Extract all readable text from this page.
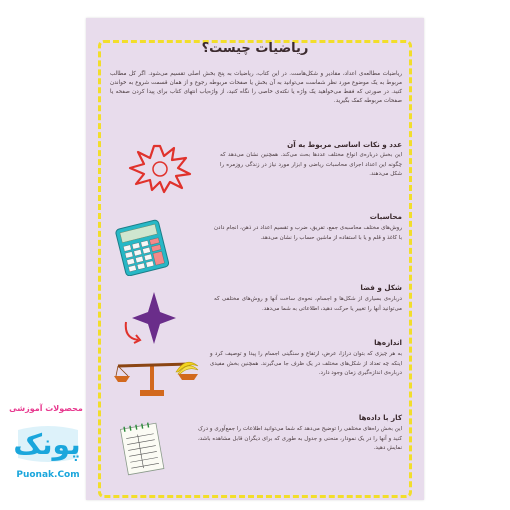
ریاضیات چیست؟
ریاضیات مطالعه‌ی اعداد، مقادیر و شکل‌هاست. در این کتاب، ریاضیات به پنج بخش اصلی تقسیم می‌شود. اگر کل مطالب مربوط به یک موضوع مورد نظر شماست می‌توانید به آن بخش یا صفحات مربوطه رجوع و از همان قسمت شروع به خواندن کنید. در صورتی که فقط می‌خواهید یک واژه یا نکته‌ی خاصی را نگاه کنید، از واژه‌یاب انتهای کتاب برای پیدا کردن صفحه یا صفحات مربوطه کمک بگیرید.
عدد و نکات اساسی مربوط به آن
این بخش درباره‌ی انواع مختلف عددها بحث می‌کند. همچنین نشان می‌دهد که چگونه این اعداد اجرای محاسبات ریاضی و ابزار مورد نیاز در زندگی روزمره را شکل می‌دهند.
محاسبات
روش‌های مختلف محاسبه‌ی جمع، تفریق، ضرب و تقسیم اعداد در ذهن، انجام دادن با کاغذ و قلم و یا با استفاده از ماشین حساب را نشان می‌دهد.
شکل و فضا
درباره‌ی بسیاری از شکل‌ها و اجسام، نحوه‌ی ساخت آنها و روش‌های مختلفی که می‌توانید آنها را تغییر یا حرکت دهید، اطلاعاتی به شما می‌دهد.
اندازه‌ها
به هر چیزی که بتوان درازا، عرض، ارتفاع و سنگینی اجسام را پیدا و توصیف کرد و اینکه چه تعداد از شکل‌های مختلف در یک ظرف جا می‌گیرند. همچنین بخش مفیدی درباره‌ی اندازه‌گیری زمان وجود دارد.
کار با داده‌ها
این بخش راه‌های مختلفی را توضیح می‌دهد که شما می‌توانید اطلاعات را جمع‌آوری و درک کنید و آنها را در یک نمودار، منحنی و جدول به طوری که برای دیگران قابل مشاهده باشد، نمایش دهید.
محصولات آموزشی
پونک
Puonak.Com
